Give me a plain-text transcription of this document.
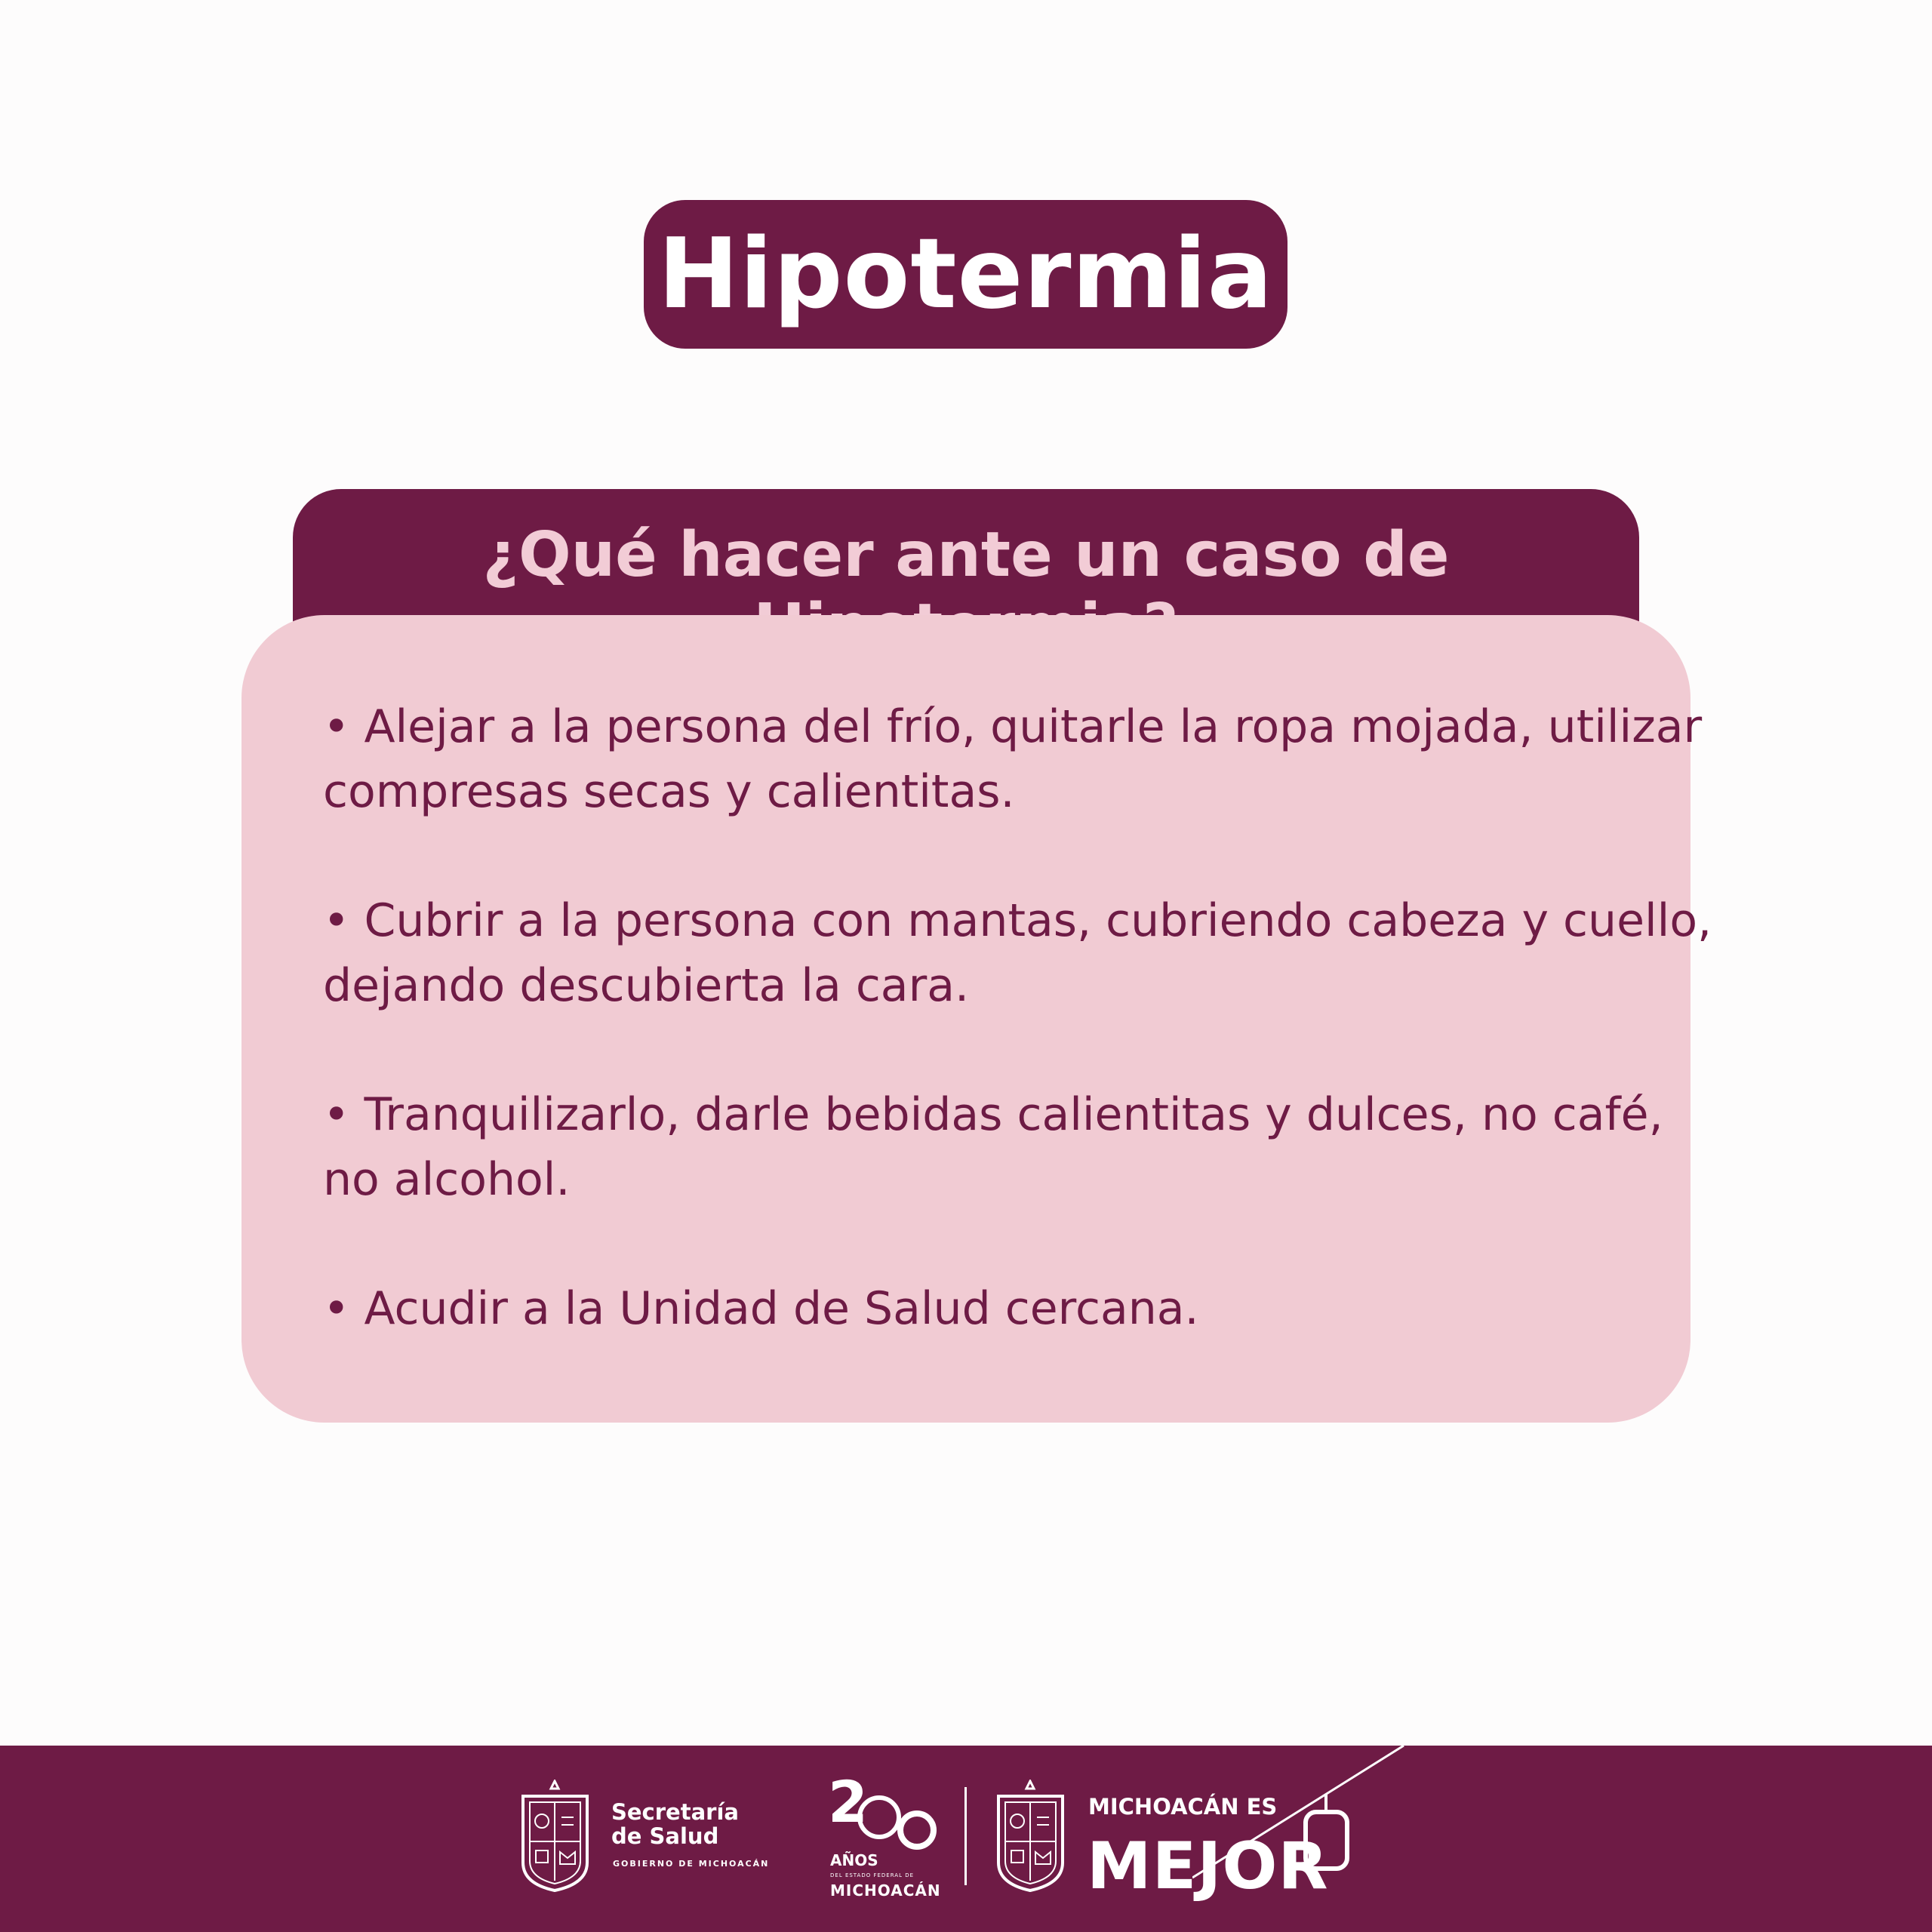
Hipotermia
¿Qué hacer ante un caso de
• Alejar a la persona del frío, quitarle la ropa mojada, utilizar
compresas secas y calientitas.
• Cubrir a la persona con mantas, cubriendo cabeza y cuello,
dejando descubierta la cara.
• Tranquilizarlo, darle bebidas calientitas y dulces, no café,
no alcohol.
• Acudir a la Unidad de Salud cercana.
Secretaría
de Salud
GOBIERNO DE MICHOACÁN
2
AÑOS
DEL ESTADO FEDERAL DE
MICHOACÁN
MICHOACÁN ES
MEJOR
